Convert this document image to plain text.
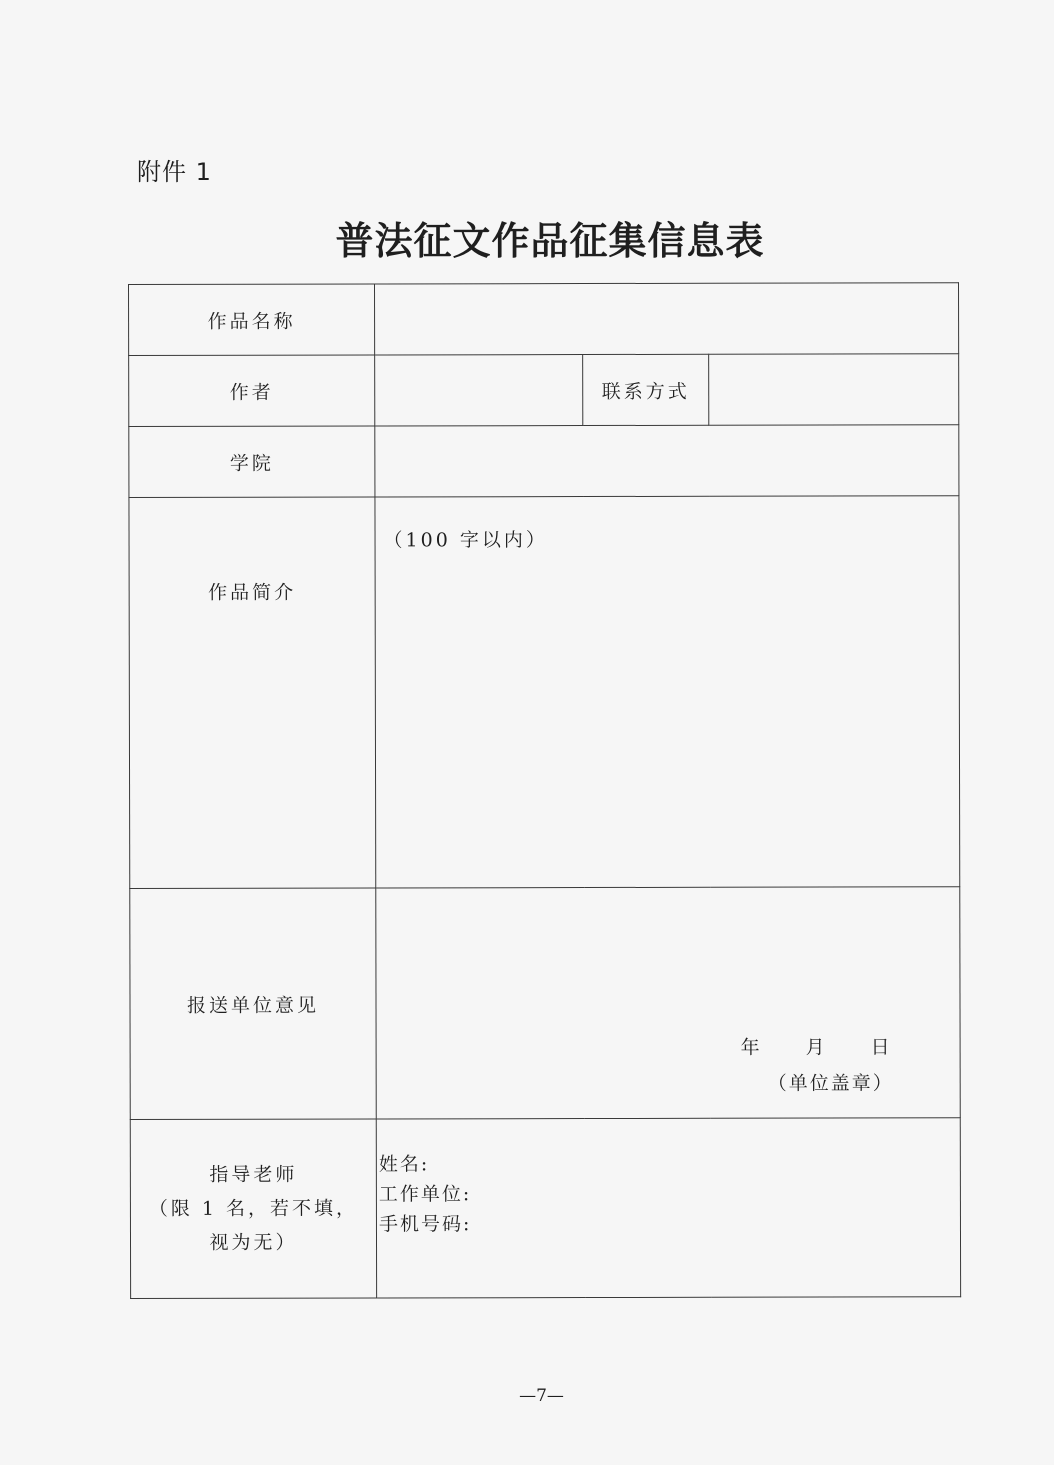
附件 1
普法征文作品征集信息表
作品名称			
作者		联系方式	
学院			

作品简介	（100 字以内）		
报送单位意见	年 月 日
（单位盖章）		

指导老师
（限 1 名，若不填，
视为无）	姓名:
工作单位:
手机号码:		
—7—
